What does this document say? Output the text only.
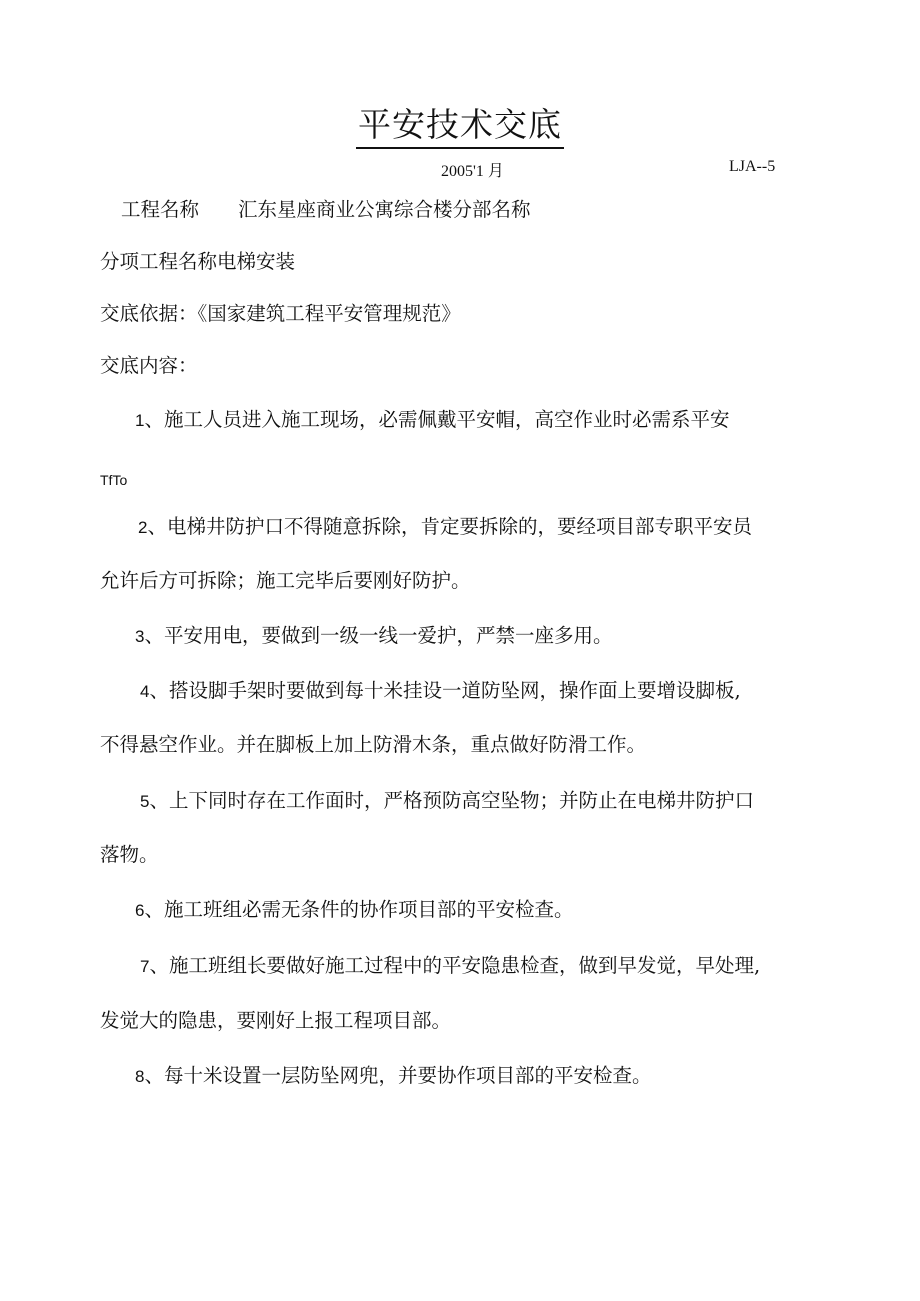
平安技术交底
2005'1 月	LJA--5
工程名称 汇东星座商业公寓综合楼分部名称
分项工程名称电梯安装
交底依据：《国家建筑工程平安管理规范》
交底内容：
1、施工人员进入施工现场，必需佩戴平安帽，高空作业时必需系平安
TfTo
2、电梯井防护口不得随意拆除，肯定要拆除的，要经项目部专职平安员
允许后方可拆除；施工完毕后要刚好防护。
3、平安用电，要做到一级一线一爱护，严禁一座多用。
4、搭设脚手架时要做到每十米挂设一道防坠网，操作面上要增设脚板,
不得悬空作业。并在脚板上加上防滑木条，重点做好防滑工作。
5、上下同时存在工作面时，严格预防高空坠物；并防止在电梯井防护口
落物。
6、施工班组必需无条件的协作项目部的平安检查。
7、施工班组长要做好施工过程中的平安隐患检查，做到早发觉，早处理,
发觉大的隐患，要刚好上报工程项目部。
8、每十米设置一层防坠网兜，并要协作项目部的平安检查。
